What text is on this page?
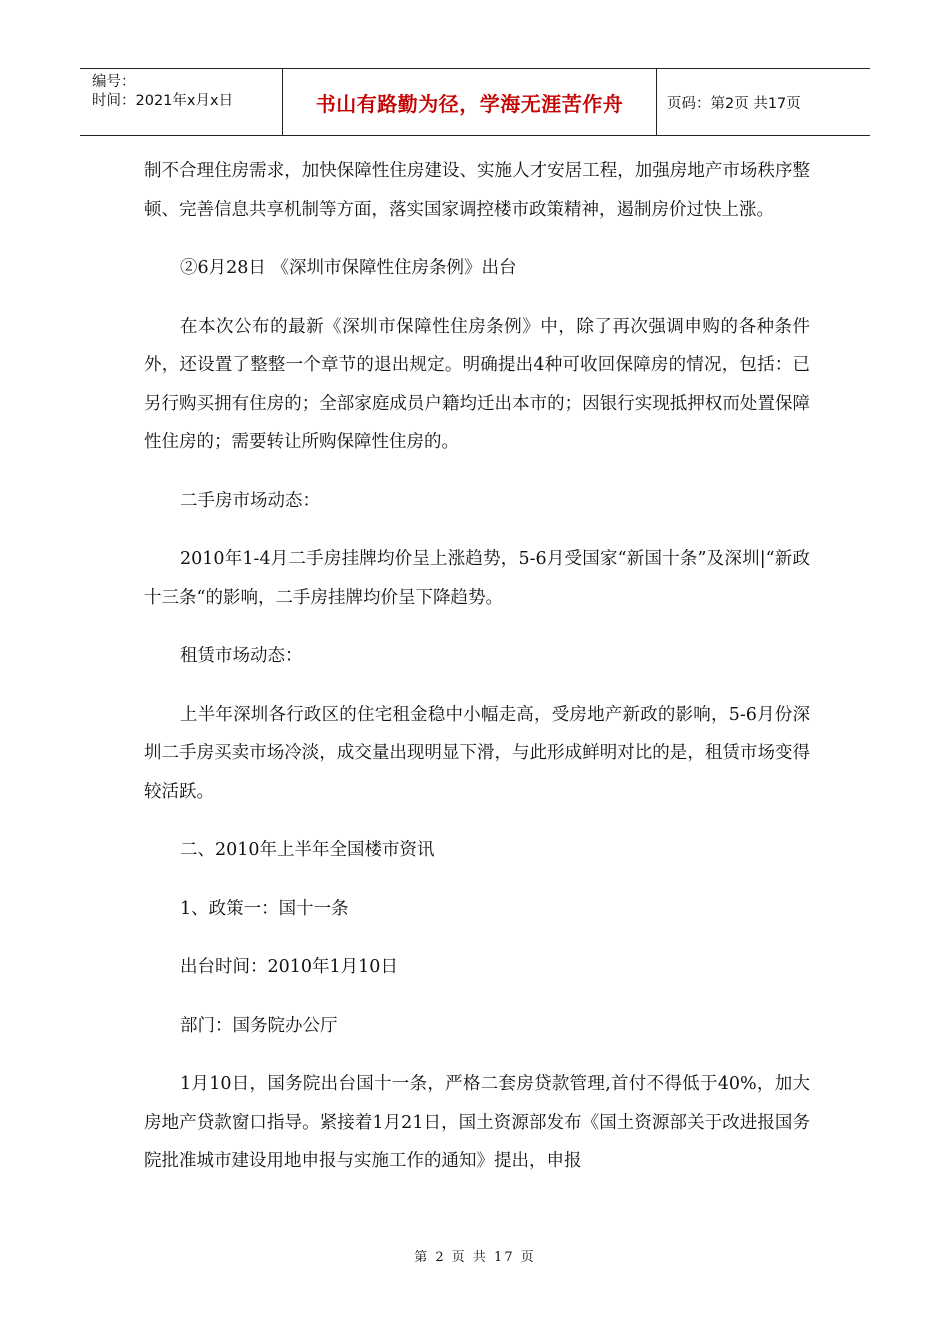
编号：
时间：2021年x月x日	书山有路勤为径，学海无涯苦作舟	页码：第2页 共17页

制不合理住房需求，加快保障性住房建设、实施人才安居工程，加强房地产市场秩序整顿、完善信息共享机制等方面，落实国家调控楼市政策精神，遏制房价过快上涨。

②6月28日 《深圳市保障性住房条例》出台

在本次公布的最新《深圳市保障性住房条例》中，除了再次强调申购的各种条件外，还设置了整整一个章节的退出规定。明确提出4种可收回保障房的情况，包括：已另行购买拥有住房的；全部家庭成员户籍均迁出本市的；因银行实现抵押权而处置保障性住房的；需要转让所购保障性住房的。

二手房市场动态：

2010年1-4月二手房挂牌均价呈上涨趋势，5-6月受国家“新国十条”及深圳|“新政十三条“的影响，二手房挂牌均价呈下降趋势。

租赁市场动态：

上半年深圳各行政区的住宅租金稳中小幅走高，受房地产新政的影响，5-6月份深圳二手房买卖市场冷淡，成交量出现明显下滑，与此形成鲜明对比的是，租赁市场变得较活跃。

二、2010年上半年全国楼市资讯

1、政策一：国十一条

出台时间：2010年1月10日

部门：国务院办公厅

1月10日，国务院出台国十一条，严格二套房贷款管理,首付不得低于40%，加大房地产贷款窗口指导。紧接着1月21日，国土资源部发布《国土资源部关于改进报国务院批准城市建设用地申报与实施工作的通知》提出，申报

第 2 页 共 17 页
